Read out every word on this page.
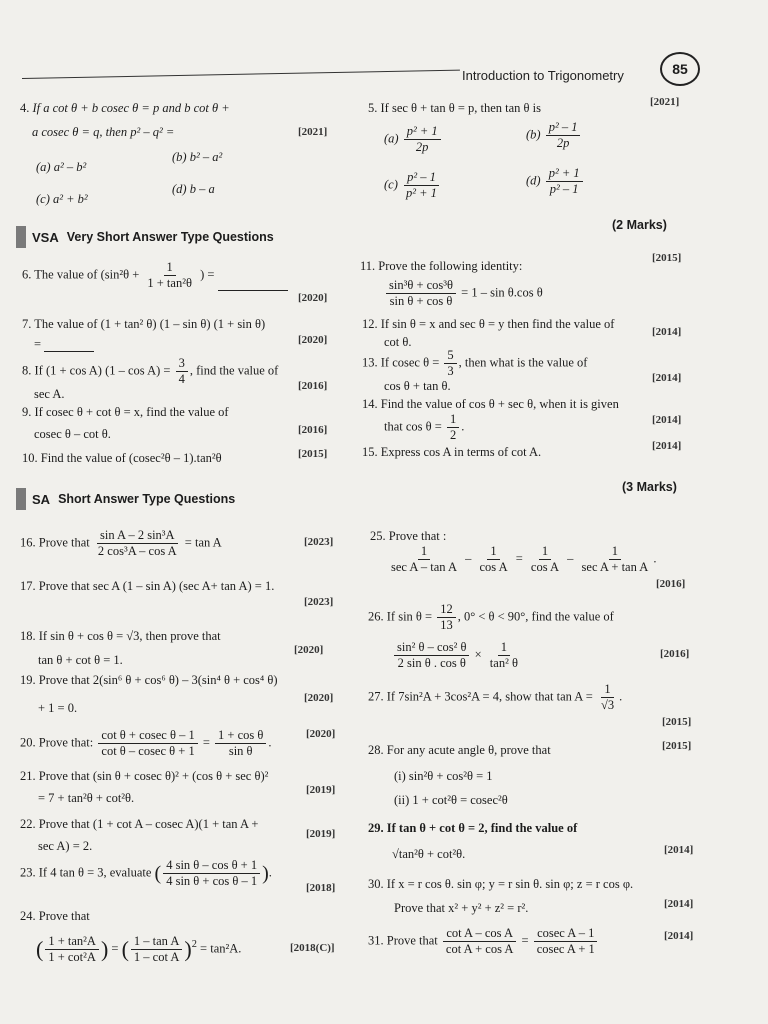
Introduction to Trigonometry	85
4. If a cot θ + b cosec θ = p and b cot θ +
a cosec θ = q, then p² – q² =	[2021]
(a) a² – b²
(b) b² – a²
(c) a² + b²
(d) b – a
5. If sec θ + tan θ = p, then tan θ is	[2021]
$(a) \frac{\text{p² + 1}}{2p}$	$(b) \frac{\text{p² – 1}}{2p}$
$(c) \frac{\text{p² – 1}}{\text{p² + 1}}$	$(d) \frac{\text{p² + 1}}{\text{p² – 1}}$
VSA Very Short Answer Type Questions
(2 Marks)
6. The value of ($\sin^2\theta + \frac{1}{\text{1 + tan²θ}}$ ) =
[2020]
7. The value of (1 + tan² θ) (1 – sin θ) (1 + sin θ)
=	[2020]
8. If (1 + cos A) $(1 - \cos A) = \frac{3}{4}$ , find the value of
sec A.
[2016]
9. If cosec θ + cot θ = x, find the value of
cosec θ – cot θ.	[2016]
10. Find the value of (cosec²θ – 1).tan²θ	[2015]
11. Prove the following identity:
[2015]
$\frac{\text{sin³θ + cos³θ}}{\text{sin θ + cos θ}} = 1 - \sin \theta.\cos$ θ
12. If sin θ = x and sec θ = y then find the value of
cot θ.
[2014]
13. If cosec $\theta = \frac{5}{3}$ , then what is the value of
cos θ + tan θ.
[2014]
14. Find the value of cos θ + sec θ, when it is given
that $\cos \theta = \frac{1}{2}$ .	[2014]
15. Express cos A in terms of cot A.	[2014]
SA Short Answer Type Questions
(3 Marks)
16. Prove that $\frac{\text{sin A – 2 sin³A}}{\text{2 cos³A – cos A}} = \tan A$	[2023]
17. Prove that sec A (1 – sin A) (sec A+ tan A) = 1.
[2023]
18. If sin θ + cos θ = √3, then prove that
tan θ + cot θ = 1.
[2020]
19. Prove that 2(sin⁶ θ + cos⁶ θ) – 3(sin⁴ θ + cos⁴ θ)
+ 1 = 0.
[2020]
20. Prove that: $\frac{\text{cot θ + cosec θ – 1}}{\text{cot θ – cosec θ + 1}} = \frac{\text{1 + cos θ}}{\text{sin θ}}$ .
[2020]
21. Prove that (sin θ + cosec θ)² + (cos θ + sec θ)²
= 7 + tan²θ + cot²θ.
[2019]
22. Prove that (1 + cot A – cosec A)(1 + tan A +
sec A) = 2.
[2019]
23. If 4 tan θ = 3, evaluate ( $\frac{\text{4 sin θ – cos θ + 1}}{\text{4 sin θ + cos θ – 1}}$ ).
[2018]
24. Prove that
( $\frac{\text{1 + tan²A}}{\text{1 + cot²A}}$ ) = ( $\frac{\text{1 – tan A}}{\text{1 – cot A}} )^2 = \tan^2A$.	[2018(C)]
25. Prove that :
$\frac{1}{\text{sec A – tan A}} - \frac{1}{\text{cos A}} = \frac{1}{\text{cos A}} - \frac{1}{\text{sec A + tan A}}$ .
[2016]
26. If $\sin \theta = \frac{12}{13}$ , 0° < θ < 90°, find the value of
$\frac{\text{sin² θ – cos² θ}}{\text{2 sin θ . cos θ}} \times \frac{1}{\text{tan² θ}}$	[2016]
27. If 7sin²A + 3cos²A = 4, show that $\tan A = \frac{1}{√3}$ .
[2015]
28. For any acute angle θ, prove that	[2015]
(i) sin²θ + cos²θ = 1
(ii) 1 + cot²θ = cosec²θ
29. If tan θ + cot θ = 2, find the value of
√tan²θ + cot²θ.	[2014]
30. If x = r cos θ. sin φ; y = r sin θ. sin φ; z = r cos φ.
Prove that x² + y² + z² = r².	[2014]
31. Prove that $\frac{\text{cot A – cos A}}{\text{cot A + cos A}} = \frac{\text{cosec A – 1}}{\text{cosec A + 1}}$	[2014]
